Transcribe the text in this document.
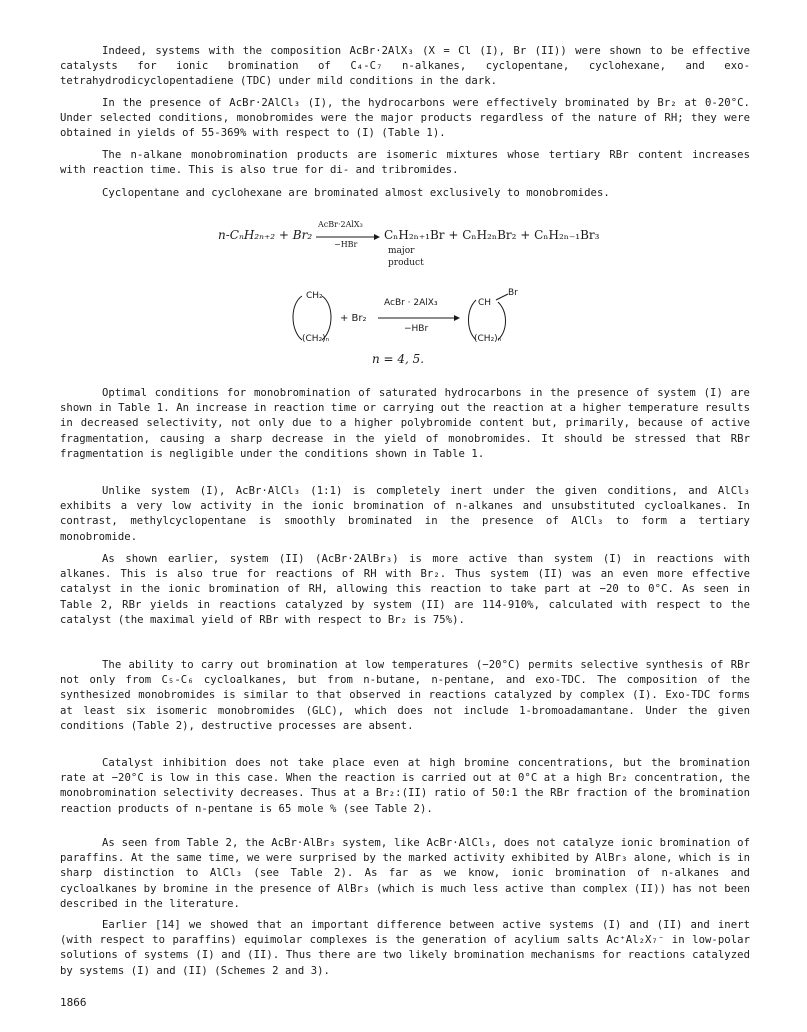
Indeed, systems with the composition AcBr·2AlX₃ (X = Cl (I), Br (II)) were shown to be effective catalysts for ionic bromination of C₄-C₇ n-alkanes, cyclopentane, cyclohexane, and exo-tetrahydrodicyclopentadiene (TDC) under mild conditions in the dark.

In the presence of AcBr·2AlCl₃ (I), the hydrocarbons were effectively brominated by Br₂ at 0-20°C. Under selected conditions, monobromides were the major products regardless of the nature of RH; they were obtained in yields of 55-369% with respect to (I) (Table 1).

The n-alkane monobromination products are isomeric mixtures whose tertiary RBr content increases with reaction time. This is also true for di- and tribromides.

Cyclopentane and cyclohexane are brominated almost exclusively to monobromides.

n-CₙH₂ₙ₊₂ + Br₂
AcBr·2AlX₃
−HBr
CₙH₂ₙ₊₁Br + CₙH₂ₙBr₂ + CₙH₂ₙ₋₁Br₃
major
product
CH₂
(CH₂)ₙ
+ Br₂
AcBr · 2AlX₃
−HBr
CH
Br
(CH₂)ₙ
n = 4, 5.

Optimal conditions for monobromination of saturated hydrocarbons in the presence of system (I) are shown in Table 1. An increase in reaction time or carrying out the reaction at a higher temperature results in decreased selectivity, not only due to a higher polybromide content but, primarily, because of active fragmentation, causing a sharp decrease in the yield of monobromides. It should be stressed that RBr fragmentation is negligible under the conditions shown in Table 1.

Unlike system (I), AcBr·AlCl₃ (1:1) is completely inert under the given conditions, and AlCl₃ exhibits a very low activity in the ionic bromination of n-alkanes and unsubstituted cycloalkanes. In contrast, methylcyclopentane is smoothly brominated in the presence of AlCl₃ to form a tertiary monobromide.

As shown earlier, system (II) (AcBr·2AlBr₃) is more active than system (I) in reactions with alkanes. This is also true for reactions of RH with Br₂. Thus system (II) was an even more effective catalyst in the ionic bromination of RH, allowing this reaction to take part at −20 to 0°C. As seen in Table 2, RBr yields in reactions catalyzed by system (II) are 114-910%, calculated with respect to the catalyst (the maximal yield of RBr with respect to Br₂ is 75%).

The ability to carry out bromination at low temperatures (−20°C) permits selective synthesis of RBr not only from C₅-C₆ cycloalkanes, but from n-butane, n-pentane, and exo-TDC. The composition of the synthesized monobromides is similar to that observed in reactions catalyzed by complex (I). Exo-TDC forms at least six isomeric monobromides (GLC), which does not include 1-bromoadamantane. Under the given conditions (Table 2), destructive processes are absent.

Catalyst inhibition does not take place even at high bromine concentrations, but the bromination rate at −20°C is low in this case. When the reaction is carried out at 0°C at a high Br₂ concentration, the monobromination selectivity decreases. Thus at a Br₂:(II) ratio of 50:1 the RBr fraction of the bromination reaction products of n-pentane is 65 mole % (see Table 2).

As seen from Table 2, the AcBr·AlBr₃ system, like AcBr·AlCl₃, does not catalyze ionic bromination of paraffins. At the same time, we were surprised by the marked activity exhibited by AlBr₃ alone, which is in sharp distinction to AlCl₃ (see Table 2). As far as we know, ionic bromination of n-alkanes and cycloalkanes by bromine in the presence of AlBr₃ (which is much less active than complex (II)) has not been described in the literature.

Earlier [14] we showed that an important difference between active systems (I) and (II) and inert (with respect to paraffins) equimolar complexes is the generation of acylium salts Ac⁺Al₂X₇⁻ in low-polar solutions of systems (I) and (II). Thus there are two likely bromination mechanisms for reactions catalyzed by systems (I) and (II) (Schemes 2 and 3).

1866
